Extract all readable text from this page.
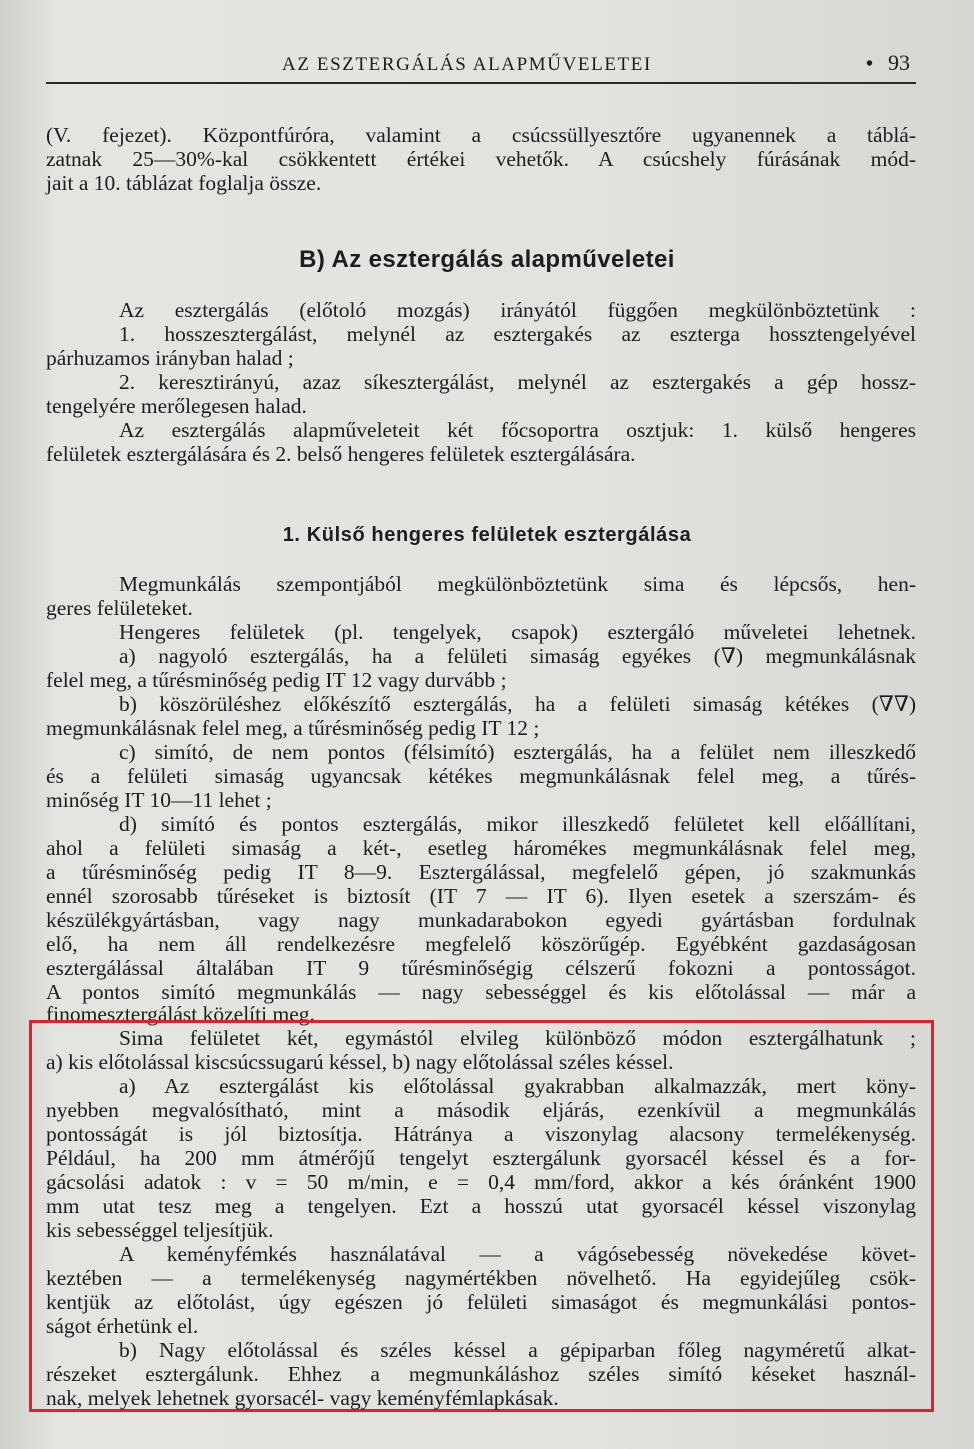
AZ ESZTERGÁLÁS ALAPMŰVELETEI	• 93
(V. fejezet). Központfúróra, valamint a csúcssüllyesztőre ugyanennek a táblá-
zatnak 25—30%-kal csökkentett értékei vehetők. A csúcshely fúrásának mód-
jait a 10. táblázat foglalja össze.
B) Az esztergálás alapműveletei
Az esztergálás (előtoló mozgás) irányától függően megkülönböztetünk :
1. hosszesztergálást, melynél az esztergakés az esztergа hossztengelyével
párhuzamos irányban halad ;
2. keresztirányú, azaz síkesztergálást, melynél az esztergakés a gép hossz-
tengelyére merőlegesen halad.
Az esztergálás alapműveleteit két főcsoportra osztjuk: 1. külső hengeres
felületek esztergálására és 2. belső hengeres felületek esztergálására.
1. Külső hengeres felületek esztergálása
Megmunkálás szempontjából megkülönböztetünk sima és lépcsős, hen-
geres felületeket.
Hengeres felületek (pl. tengelyek, csapok) esztergáló műveletei lehetnek.
a) nagyoló esztergálás, ha a felületi simaság egyékes (∇) megmunkálásnak
felel meg, a tűrésminőség pedig IT 12 vagy durvább ;
b) köszörüléshez előkészítő esztergálás, ha a felületi simaság kétékes (∇∇)
megmunkálásnak felel meg, a tűrésminőség pedig IT 12 ;
c) simító, de nem pontos (félsimító) esztergálás, ha a felület nem illeszkedő
és a felületi simaság ugyancsak kétékes megmunkálásnak felel meg, a tűrés-
minőség IT 10—11 lehet ;
d) simító és pontos esztergálás, mikor illeszkedő felületet kell előállítani,
ahol a felületi simaság a két-, esetleg háromékes megmunkálásnak felel meg,
a tűrésminőség pedig IT 8—9. Esztergálással, megfelelő gépen, jó szakmunkás
ennél szorosabb tűréseket is biztosít (IT 7 — IT 6). Ilyen esetek a szerszám- és
készülékgyártásban, vagy nagy munkadarabokon egyedi gyártásban fordulnak
elő, ha nem áll rendelkezésre megfelelő köszörűgép. Egyébként gazdaságosan
esztergálással általában IT 9 tűrésminőségig célszerű fokozni a pontosságot.
A pontos simító megmunkálás — nagy sebességgel és kis előtolással — már a
finomesztergálást közelíti meg.
Sima felületet két, egymástól elvileg különböző módon esztergálhatunk ;
a) kis előtolással kiscsúcssugarú késsel, b) nagy előtolással széles késsel.
a) Az esztergálást kis előtolással gyakrabban alkalmazzák, mert köny-
nyebben megvalósítható, mint a második eljárás, ezenkívül a megmunkálás
pontosságát is jól biztosítja. Hátránya a viszonylag alacsony termelékenység.
Például, ha 200 mm átmérőjű tengelyt esztergálunk gyorsacél késsel és a for-
gácsolási adatok : v = 50 m/min, e = 0,4 mm/ford, akkor a kés óránként 1900
mm utat tesz meg a tengelyen. Ezt a hosszú utat gyorsacél késsel viszonylag
kis sebességgel teljesítjük.
A keményfémkés használatával — a vágósebesség növekedése követ-
keztében — a termelékenység nagymértékben növelhető. Ha egyidejűleg csök-
kentjük az előtolást, úgy egészen jó felületi simaságot és megmunkálási pontos-
ságot érhetünk el.
b) Nagy előtolással és széles késsel a gépiparban főleg nagyméretű alkat-
részeket esztergálunk. Ehhez a megmunkáláshoz széles simító késeket használ-
nak, melyek lehetnek gyorsacél- vagy keményfémlapkásak.
